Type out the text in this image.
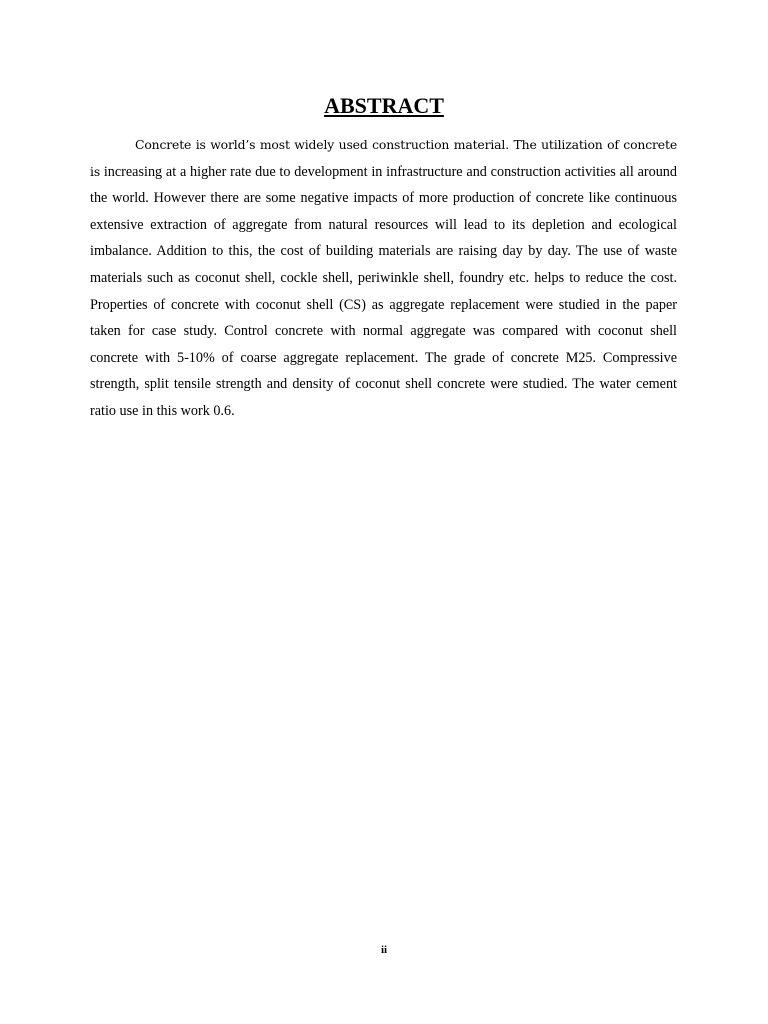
ABSTRACT

Concrete is world’s most widely used construction material. The utilization of concrete is increasing at a higher rate due to development in infrastructure and construction activities all around the world. However there are some negative impacts of more production of concrete like continuous extensive extraction of aggregate from natural resources will lead to its depletion and ecological imbalance. Addition to this, the cost of building materials are raising day by day. The use of waste materials such as coconut shell, cockle shell, periwinkle shell, foundry etc. helps to reduce the cost. Properties of concrete with coconut shell (CS) as aggregate replacement were studied in the paper taken for case study. Control concrete with normal aggregate was compared with coconut shell concrete with 5-10% of coarse aggregate replacement. The grade of concrete M25. Compressive strength, split tensile strength and density of coconut shell concrete were studied. The water cement ratio use in this work 0.6.

ii
